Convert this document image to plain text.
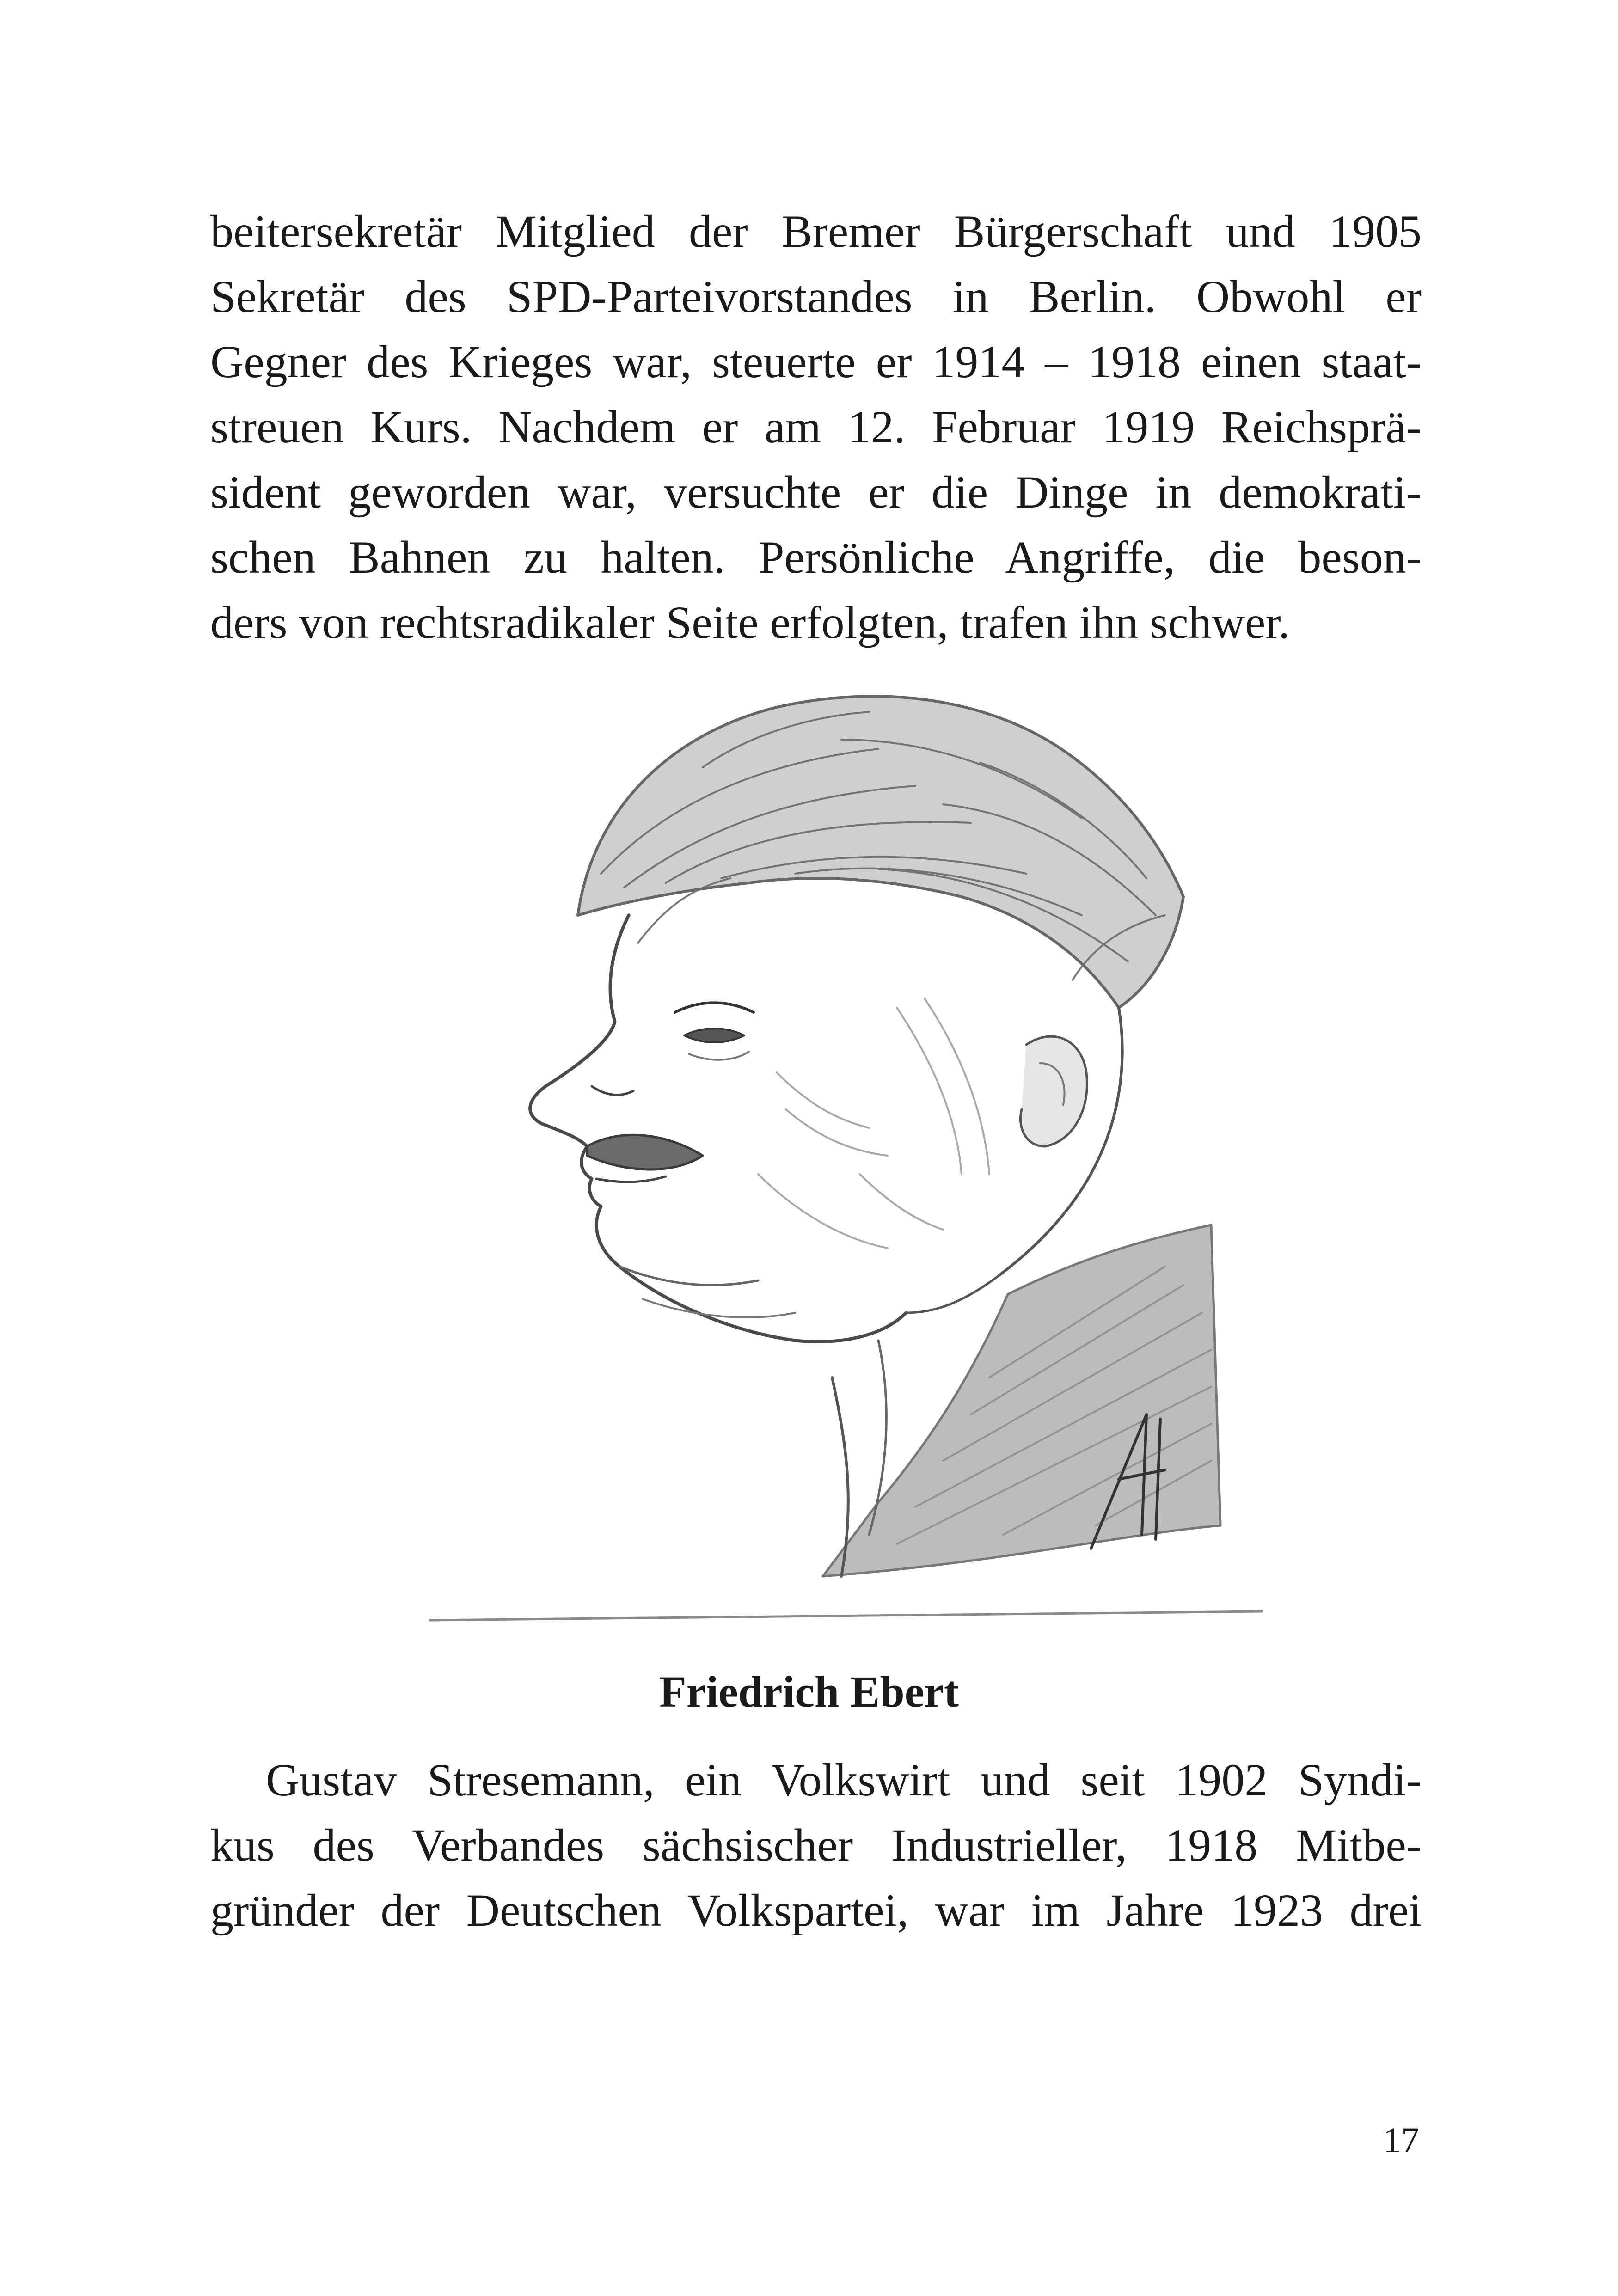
beitersekretär Mitglied der Bremer Bürgerschaft und 1905
Sekretär des SPD-Parteivorstandes in Berlin. Obwohl er
Gegner des Krieges war, steuerte er 1914 – 1918 einen staat-
streuen Kurs. Nachdem er am 12. Februar 1919 Reichsprä-
sident geworden war, versuchte er die Dinge in demokrati-
schen Bahnen zu halten. Persönliche Angriffe, die beson-
ders von rechtsradikaler Seite erfolgten, trafen ihn schwer.
Friedrich Ebert
Gustav Stresemann, ein Volkswirt und seit 1902 Syndi-
kus des Verbandes sächsischer Industrieller, 1918 Mitbe-
gründer der Deutschen Volkspartei, war im Jahre 1923 drei
17
